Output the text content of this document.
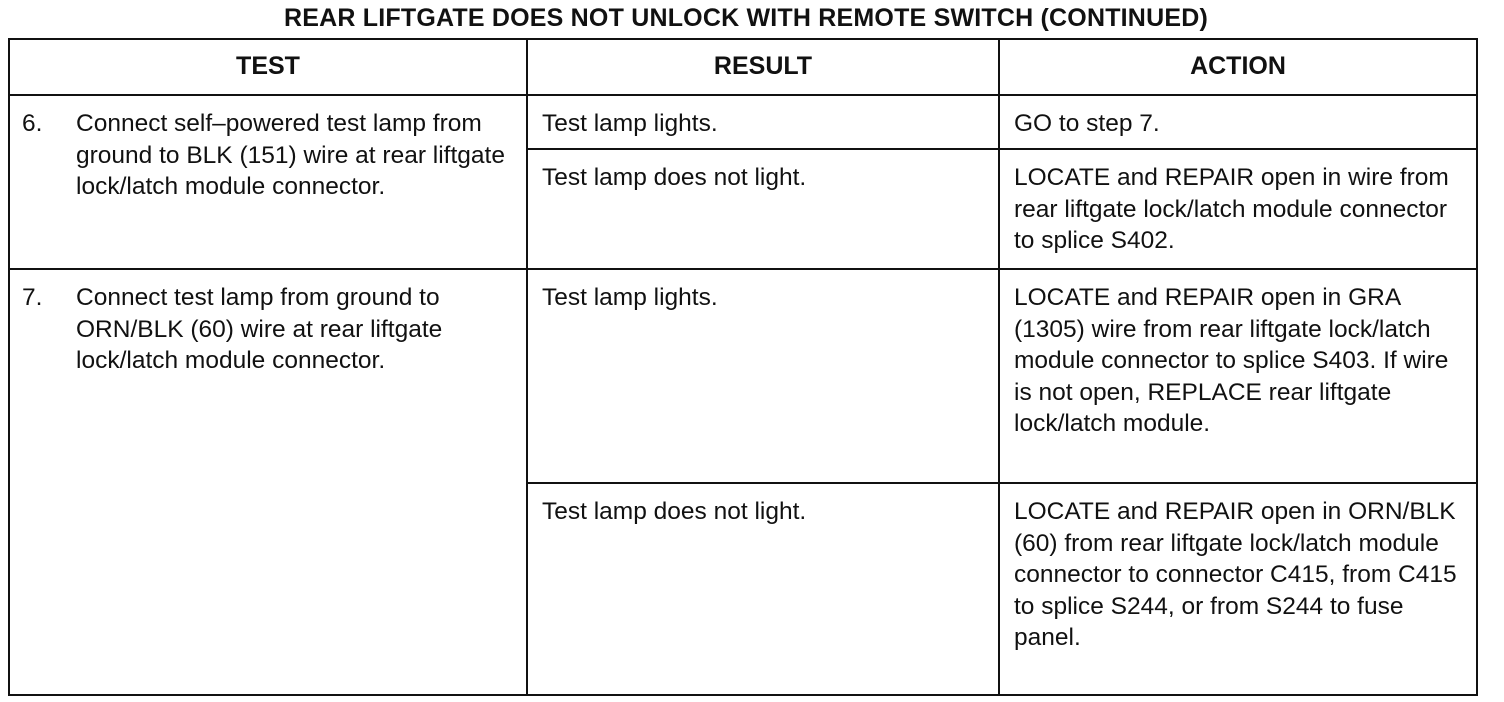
REAR LIFTGATE DOES NOT UNLOCK WITH REMOTE SWITCH (CONTINUED)
TEST	RESULT	ACTION

6. Connect self–powered test lamp from ground to BLK (151) wire at rear liftgate lock/latch module connector.	Test lamp lights.	GO to step 7.
	Test lamp does not light.	LOCATE and REPAIR open in wire from rear liftgate lock/latch module connector to splice S402.

7. Connect test lamp from ground to ORN/BLK (60) wire at rear liftgate lock/latch module connector.	Test lamp lights.	LOCATE and REPAIR open in GRA (1305) wire from rear liftgate lock/latch module connector to splice S403. If wire is not open, REPLACE rear liftgate lock/latch module.
	Test lamp does not light.	LOCATE and REPAIR open in ORN/BLK (60) from rear liftgate lock/latch module connector to connector C415, from C415 to splice S244, or from S244 to fuse panel.
